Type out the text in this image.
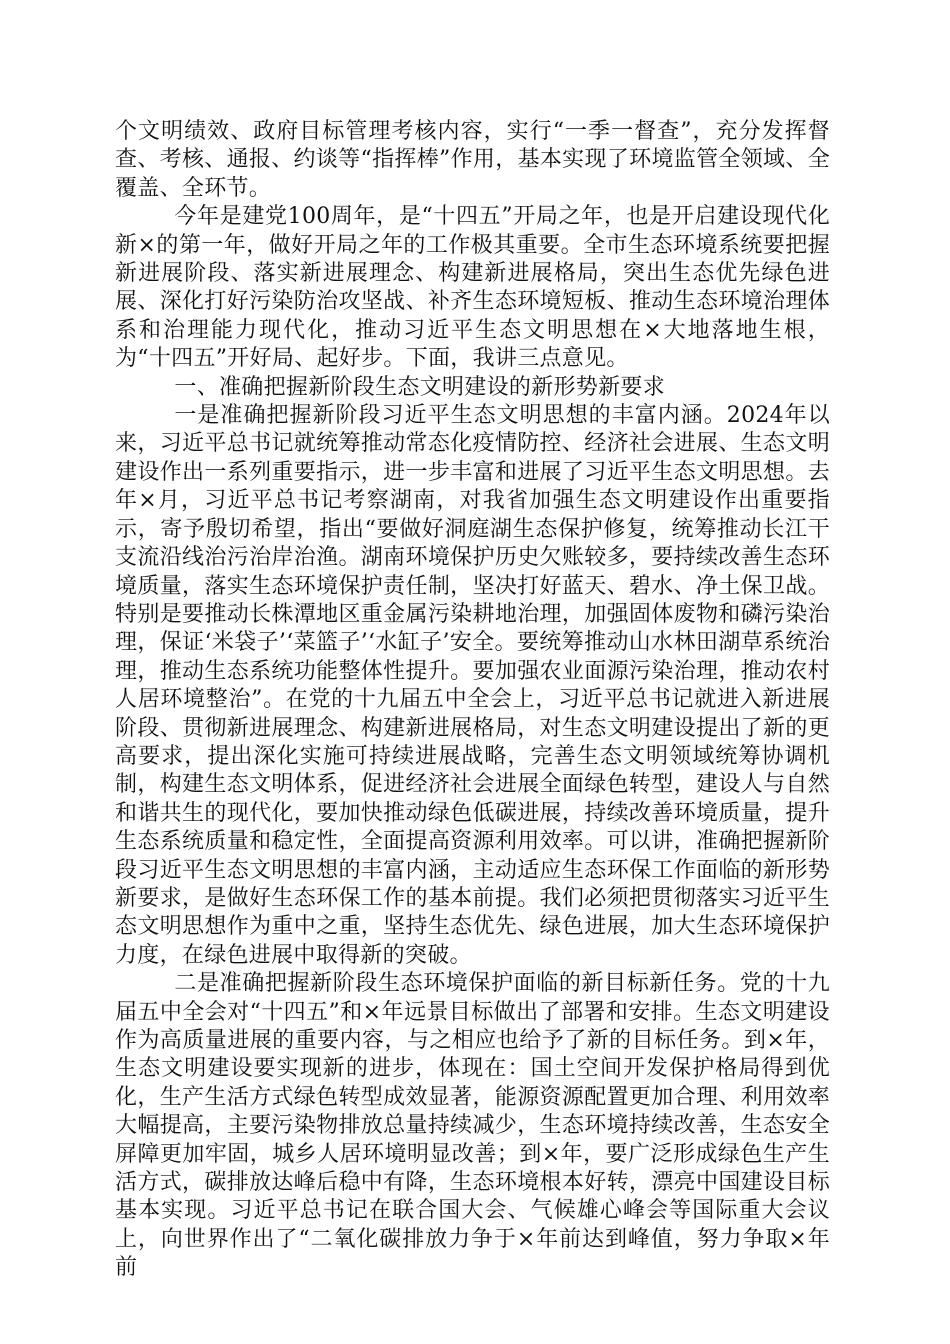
个文明绩效、政府目标管理考核内容，实行“一季一督查”，充分发挥督查、考核、通报、约谈等“指挥棒”作用，基本实现了环境监管全领域、全覆盖、全环节。

今年是建党100周年，是“十四五”开局之年，也是开启建设现代化新×的第一年，做好开局之年的工作极其重要。全市生态环境系统要把握新进展阶段、落实新进展理念、构建新进展格局，突出生态优先绿色进展、深化打好污染防治攻坚战、补齐生态环境短板、推动生态环境治理体系和治理能力现代化，推动习近平生态文明思想在×大地落地生根，为“十四五”开好局、起好步。下面，我讲三点意见。

一、准确把握新阶段生态文明建设的新形势新要求

一是准确把握新阶段习近平生态文明思想的丰富内涵。2024年以来，习近平总书记就统筹推动常态化疫情防控、经济社会进展、生态文明建设作出一系列重要指示，进一步丰富和进展了习近平生态文明思想。去年×月，习近平总书记考察湖南，对我省加强生态文明建设作出重要指示，寄予殷切希望，指出“要做好洞庭湖生态保护修复，统筹推动长江干支流沿线治污治岸治渔。湖南环境保护历史欠账较多，要持续改善生态环境质量，落实生态环境保护责任制，坚决打好蓝天、碧水、净土保卫战。特别是要推动长株潭地区重金属污染耕地治理，加强固体废物和磷污染治理，保证‘米袋子’‘菜篮子’‘水缸子’安全。要统筹推动山水林田湖草系统治理，推动生态系统功能整体性提升。要加强农业面源污染治理，推动农村人居环境整治”。在党的十九届五中全会上，习近平总书记就进入新进展阶段、贯彻新进展理念、构建新进展格局，对生态文明建设提出了新的更高要求，提出深化实施可持续进展战略，完善生态文明领域统筹协调机制，构建生态文明体系，促进经济社会进展全面绿色转型，建设人与自然和谐共生的现代化，要加快推动绿色低碳进展，持续改善环境质量，提升生态系统质量和稳定性，全面提高资源利用效率。可以讲，准确把握新阶段习近平生态文明思想的丰富内涵，主动适应生态环保工作面临的新形势新要求，是做好生态环保工作的基本前提。我们必须把贯彻落实习近平生态文明思想作为重中之重，坚持生态优先、绿色进展，加大生态环境保护力度，在绿色进展中取得新的突破。

二是准确把握新阶段生态环境保护面临的新目标新任务。党的十九届五中全会对“十四五”和×年远景目标做出了部署和安排。生态文明建设作为高质量进展的重要内容，与之相应也给予了新的目标任务。到×年，生态文明建设要实现新的进步，体现在：国土空间开发保护格局得到优化，生产生活方式绿色转型成效显著，能源资源配置更加合理、利用效率大幅提高，主要污染物排放总量持续减少，生态环境持续改善，生态安全屏障更加牢固，城乡人居环境明显改善；到×年，要广泛形成绿色生产生活方式，碳排放达峰后稳中有降，生态环境根本好转，漂亮中国建设目标基本实现。习近平总书记在联合国大会、气候雄心峰会等国际重大会议上，向世界作出了“二氧化碳排放力争于×年前达到峰值，努力争取×年前
